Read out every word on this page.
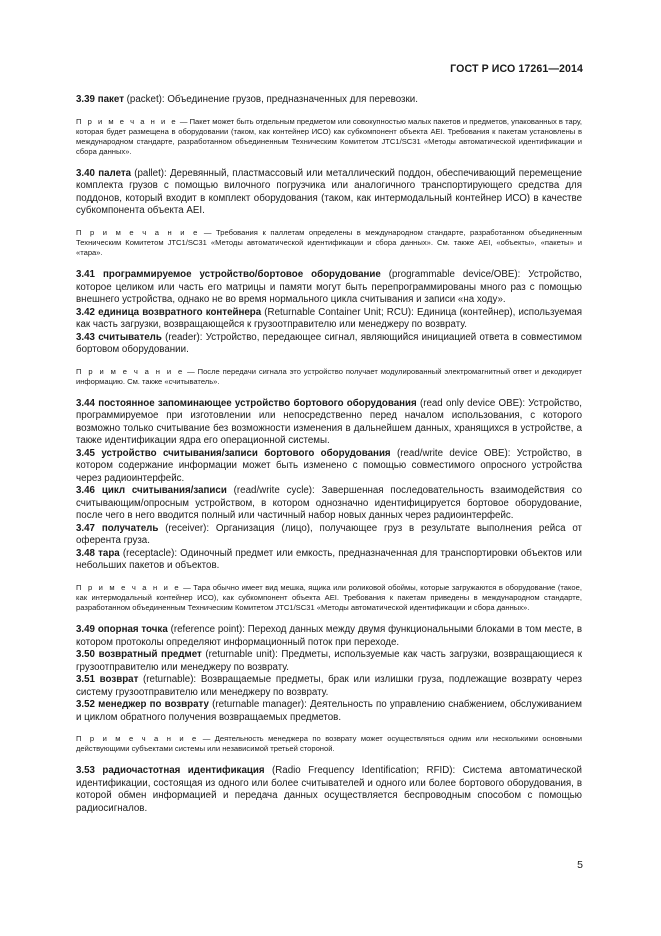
ГОСТ Р ИСО 17261—2014

3.39 пакет (packet): Объединение грузов, предназначенных для перевозки.

П р и м е ч а н и е — Пакет может быть отдельным предметом или совокупностью малых пакетов и предметов, упакованных в тару, которая будет размещена в оборудовании (таком, как контейнер ИСО) как субкомпонент объекта AEI. Требования к пакетам установлены в международном стандарте, разработанном объединенным Техническим Комитетом JTC1/SC31 «Методы автоматической идентификации и сбора данных».

3.40 палета (pallet): Деревянный, пластмассовый или металлический поддон, обеспечивающий перемещение комплекта грузов с помощью вилочного погрузчика или аналогичного транспортирующего средства для поддонов, который входит в комплект оборудования (таком, как интермодальный контейнер ИСО) в качестве субкомпонента объекта AEI.

П р и м е ч а н и е — Требования к паллетам определены в международном стандарте, разработанном объединенным Техническим Комитетом JTC1/SC31 «Методы автоматической идентификации и сбора данных». См. также AEI, «объекты», «пакеты» и «тара».

3.41 программируемое устройство/бортовое оборудование (programmable device/OBE): Устройство, которое целиком или часть его матрицы и памяти могут быть перепрограммированы много раз с помощью внешнего устройства, однако не во время нормального цикла считывания и записи «на ходу».

3.42 единица возвратного контейнера (Returnable Container Unit; RCU): Единица (контейнер), используемая как часть загрузки, возвращающейся к грузоотправителю или менеджеру по возврату.

3.43 считыватель (reader): Устройство, передающее сигнал, являющийся инициацией ответа в совместимом бортовом оборудовании.

П р и м е ч а н и е — После передачи сигнала это устройство получает модулированный электромагнитный ответ и декодирует информацию. См. также «считыватель».

3.44 постоянное запоминающее устройство бортового оборудования (read only device OBE): Устройство, программируемое при изготовлении или непосредственно перед началом использования, с которого возможно только считывание без возможности изменения в дальнейшем данных, хранящихся в устройстве, а также идентификации ядра его операционной системы.

3.45 устройство считывания/записи бортового оборудования (read/write device OBE): Устройство, в котором содержание информации может быть изменено с помощью совместимого опросного устройства через радиоинтерфейс.

3.46 цикл считывания/записи (read/write cycle): Завершенная последовательность взаимодействия со считывающим/опросным устройством, в котором однозначно идентифицируется бортовое оборудование, после чего в него вводится полный или частичный набор новых данных через радиоинтерфейс.

3.47 получатель (receiver): Организация (лицо), получающее груз в результате выполнения рейса от оферента груза.

3.48 тара (receptacle): Одиночный предмет или емкость, предназначенная для транспортировки объектов или небольших пакетов и объектов.

П р и м е ч а н и е — Тара обычно имеет вид мешка, ящика или роликовой обоймы, которые загружаются в оборудование (такое, как интермодальный контейнер ИСО), как субкомпонент объекта AEI. Требования к пакетам приведены в международном стандарте, разработанном объединенным Техническим Комитетом JTC1/SC31 «Методы автоматической идентификации и сбора данных».

3.49 опорная точка (reference point): Переход данных между двумя функциональными блоками в том месте, в котором протоколы определяют информационный поток при переходе.

3.50 возвратный предмет (returnable unit): Предметы, используемые как часть загрузки, возвращающиеся к грузоотправителю или менеджеру по возврату.

3.51 возврат (returnable): Возвращаемые предметы, брак или излишки груза, подлежащие возврату через систему грузоотправителю или менеджеру по возврату.

3.52 менеджер по возврату (returnable manager): Деятельность по управлению снабжением, обслуживанием и циклом обратного получения возвращаемых предметов.

П р и м е ч а н и е — Деятельность менеджера по возврату может осуществляться одним или несколькими основными действующими субъектами системы или независимой третьей стороной.

3.53 радиочастотная идентификация (Radio Frequency Identification; RFID): Система автоматической идентификации, состоящая из одного или более считывателей и одного или более бортового оборудования, в которой обмен информацией и передача данных осуществляется беспроводным способом с помощью радиосигналов.

5
